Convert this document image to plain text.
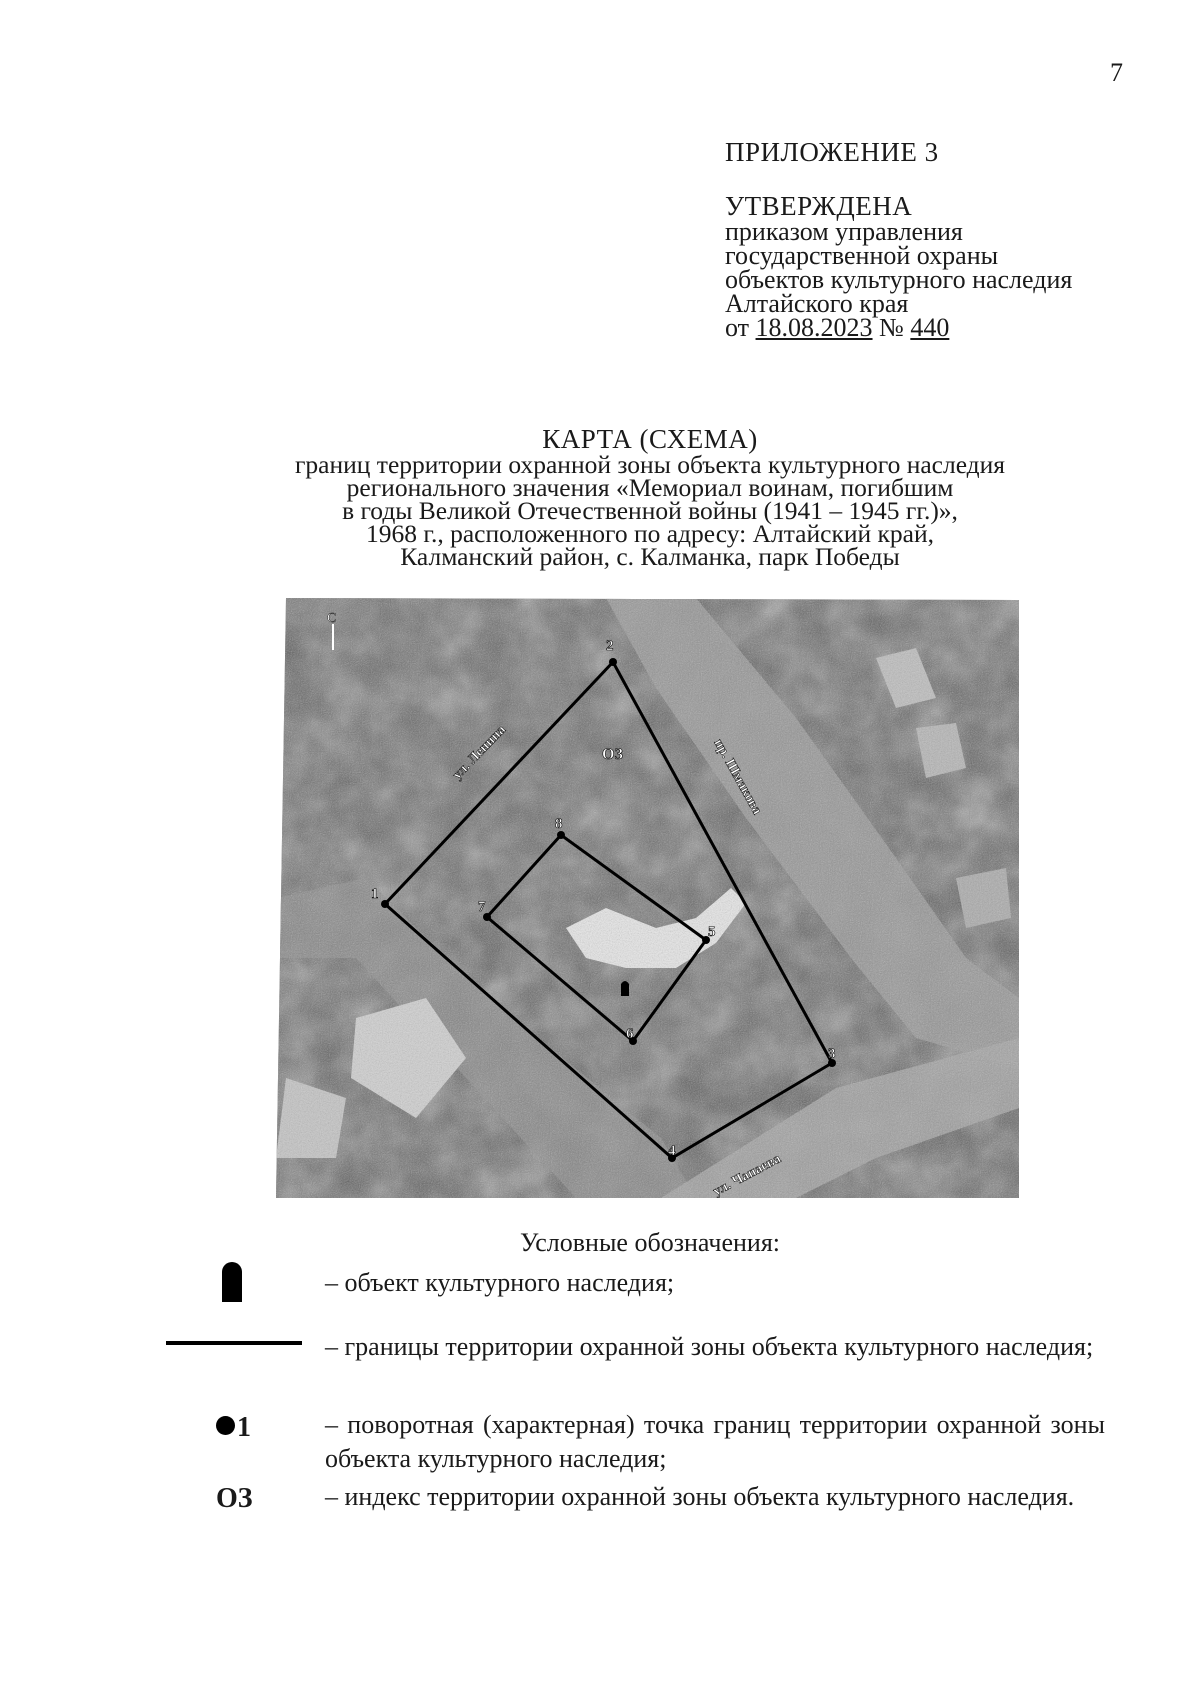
7
ПРИЛОЖЕНИЕ 3
УТВЕРЖДЕНА
приказом управления
государственной охраны
объектов культурного наследия
Алтайского края
от 18.08.2023 № 440
КАРТА (СХЕМА)
границ территории охранной зоны объекта культурного наследия
регионального значения «Мемориал воинам, погибшим
в годы Великой Отечественной войны (1941 – 1945 гг.)»,
1968 г., расположенного по адресу: Алтайский край,
Калманский район, с. Калманка, парк Победы
1
2
3
4
5
6
7
8
ОЗ
С
ул. Ленина	пр. Шмакова
ул. Чапаева
Условные обозначения:
– объект культурного наследия;
– границы территории охранной зоны объекта культурного наследия;
1	– поворотная (характерная) точка границ территории охранной зоны объекта культурного наследия;
ОЗ	– индекс территории охранной зоны объекта культурного наследия.
